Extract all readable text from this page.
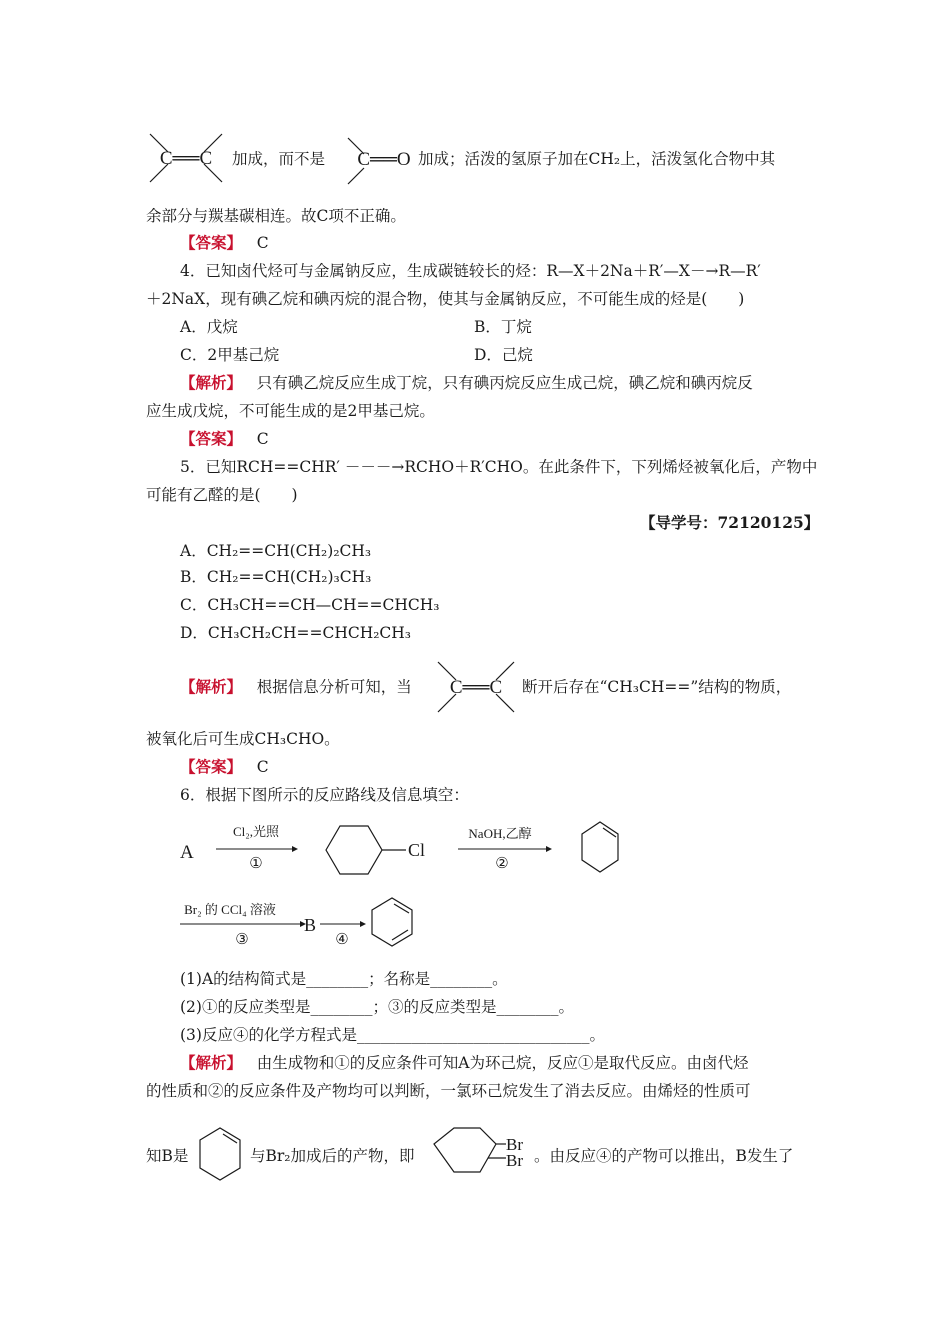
C══C 加成，而不是 C══O 加成；活泼的氢原子加在CH₂上，活泼氢化合物中其
余部分与羰基碳相连。故C项不正确。
【答案】 C
4．已知卤代烃可与金属钠反应，生成碳链较长的烃：R—X＋2Na＋R′—X－→R—R′
＋2NaX，现有碘乙烷和碘丙烷的混合物，使其与金属钠反应，不可能生成的烃是(　　)
A．戊烷	B．丁烷
C．2甲基己烷	D．己烷
【解析】 只有碘乙烷反应生成丁烷，只有碘丙烷反应生成己烷，碘乙烷和碘丙烷反
应生成戊烷，不可能生成的是2甲基己烷。
【答案】 C
5．已知RCH==CHR′ －－－→RCHO＋R′CHO。在此条件下，下列烯烃被氧化后，产物中
可能有乙醛的是(　　)
【导学号：72120125】
A．CH₂==CH(CH₂)₂CH₃
B．CH₂==CH(CH₂)₃CH₃
C．CH₃CH==CH—CH==CHCH₃
D．CH₃CH₂CH==CHCH₂CH₃
【解析】 根据信息分析可知，当 C══C 断开后存在“CH₃CH==”结构的物质，
被氧化后可生成CH₃CHO。
【答案】 C
6．根据下图所示的反应路线及信息填空：
A
Cl₂,光照
①
Cl
NaOH,乙醇
②
Br₂ 的 CCl₄ 溶液
③
B
④
(1)A的结构简式是________；名称是________。
(2)①的反应类型是________；③的反应类型是________。
(3)反应④的化学方程式是______________________________。
【解析】 由生成物和①的反应条件可知A为环己烷，反应①是取代反应。由卤代烃
的性质和②的反应条件及产物均可以判断，一氯环己烷发生了消去反应。由烯烃的性质可
知B是	与Br₂加成后的产物，即
Br
Br 。由反应④的产物可以推出，B发生了
